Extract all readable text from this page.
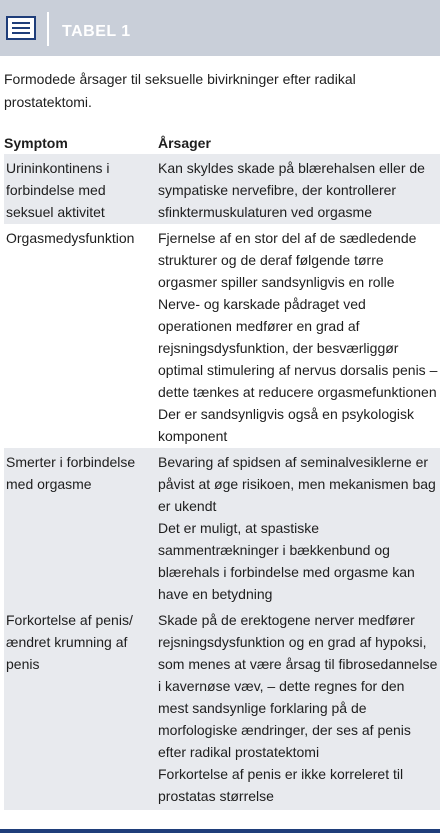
TABEL 1
Formodede årsager til seksuelle bivirkninger efter radikal prostatektomi.
Symptom	Årsager
Urininkontinens i forbindelse med seksuel aktivitet
Kan skyldes skade på blærehalsen eller de sympatiske nervefibre, der kontrollerer sfinktermuskulaturen ved orgasme
Orgasmedysfunktion	Fjernelse af en stor del af de sædledende strukturer og de deraf følgende tørre orgasmer spiller sandsynligvis en rolle
Nerve- og karskade pådraget ved operationen medfører en grad af rejsningsdysfunktion, der besværliggør optimal stimulering af nervus dorsalis penis – dette tænkes at reducere orgasmefunktionen
Der er sandsynligvis også en psykologisk komponent
Smerter i forbindelse med orgasme
Bevaring af spidsen af seminalvesiklerne er påvist at øge risikoen, men mekanismen bag er ukendt
Det er muligt, at spastiske sammentrækninger i bækkenbund og blærehals i forbindelse med orgasme kan have en betydning
Forkortelse af penis/ændret krumning af penis
Skade på de erektogene nerver medfører rejsningsdysfunktion og en grad af hypoksi, som menes at være årsag til fibrosedannelse i kavernøse væv, – dette regnes for den mest sandsynlige forklaring på de morfologiske ændringer, der ses af penis efter radikal prostatektomi
Forkortelse af penis er ikke korreleret til prostatas størrelse
